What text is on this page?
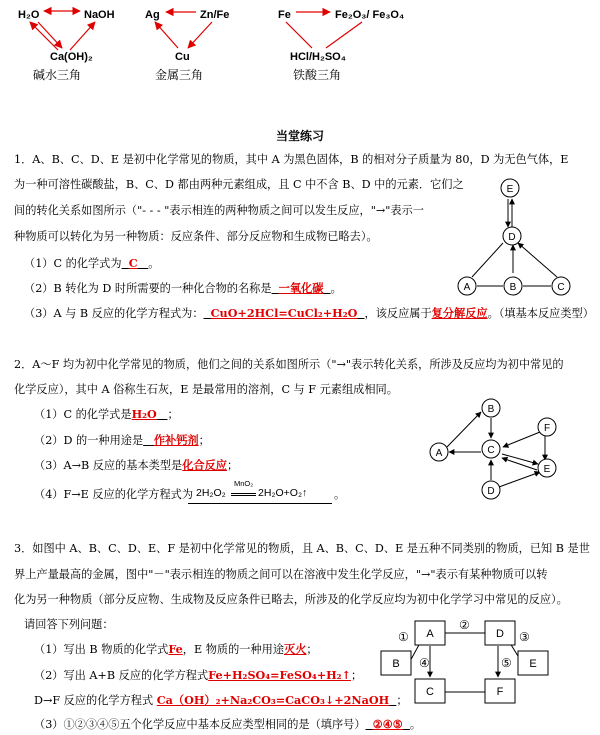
H₂O	NaOH
Ca(OH)₂
Ag	Zn/Fe
Cu
Fe	Fe₂O₃/ Fe₃O₄
HCl/H₂SO₄
碱水三角	金属三角	铁酸三角
当堂练习
1．A、B、C、D、E 是初中化学常见的物质，其中 A 为黑色固体，B 的相对分子质量为 80，D 为无色气体，E
为一种可溶性碳酸盐，B、C、D 都由两种元素组成，且 C 中不含 B、D 中的元素．它们之
间的转化关系如图所示（"- - - "表示相连的两种物质之间可以发生反应，"→"表示一
种物质可以转化为另一种物质：反应条件、部分反应物和生成物已略去）。
（1）C 的化学式为 C 。
（2）B 转化为 D 时所需要的一种化合物的名称是 一氧化碳 。
（3）A 与 B 反应的化学方程式为： CuO+2HCl=CuCl₂+H₂O ，该反应属于复分解反应。（填基本反应类型）
E
D
A	B	C
2．A～F 均为初中化学常见的物质，他们之间的关系如图所示（"→"表示转化关系，所涉及反应均为初中常见的
化学反应），其中 A 俗称生石灰，E 是最常用的溶剂，C 与 F 元素组成相同。
（1）C 的化学式是H₂O ；
（2）D 的一种用途是 作补钙剂；
（3）A→B 反应的基本类型是化合反应；
（4）F→E 反应的化学方程式为 2H₂O₂
MnO₂
2H₂O+O₂↑ 。
B
A	C
F
E
D
3．如图中 A、B、C、D、E、F 是初中化学常见的物质，且 A、B、C、D、E 是五种不同类别的物质，已知 B 是世
界上产量最高的金属，图中"－"表示相连的物质之间可以在溶液中发生化学反应，"→"表示有某种物质可以转
化为另一种物质（部分反应物、生成物及反应条件已略去，所涉及的化学反应均为初中化学学习中常见的反应）。
请回答下列问题：
（1）写出 B 物质的化学式Fe，E 物质的一种用途灭火；
（2）写出 A+B 反应的化学方程式Fe+H₂SO₄=FeSO₄+H₂↑；
D→F 反应的化学方程式 Ca（OH）₂+Na₂CO₃=CaCO₃↓+2NaOH ；
（3）①②③④⑤五个化学反应中基本反应类型相同的是（填序号） ②④⑤ 。
A	D
B	E
C	F
①
②
③
④	⑤
